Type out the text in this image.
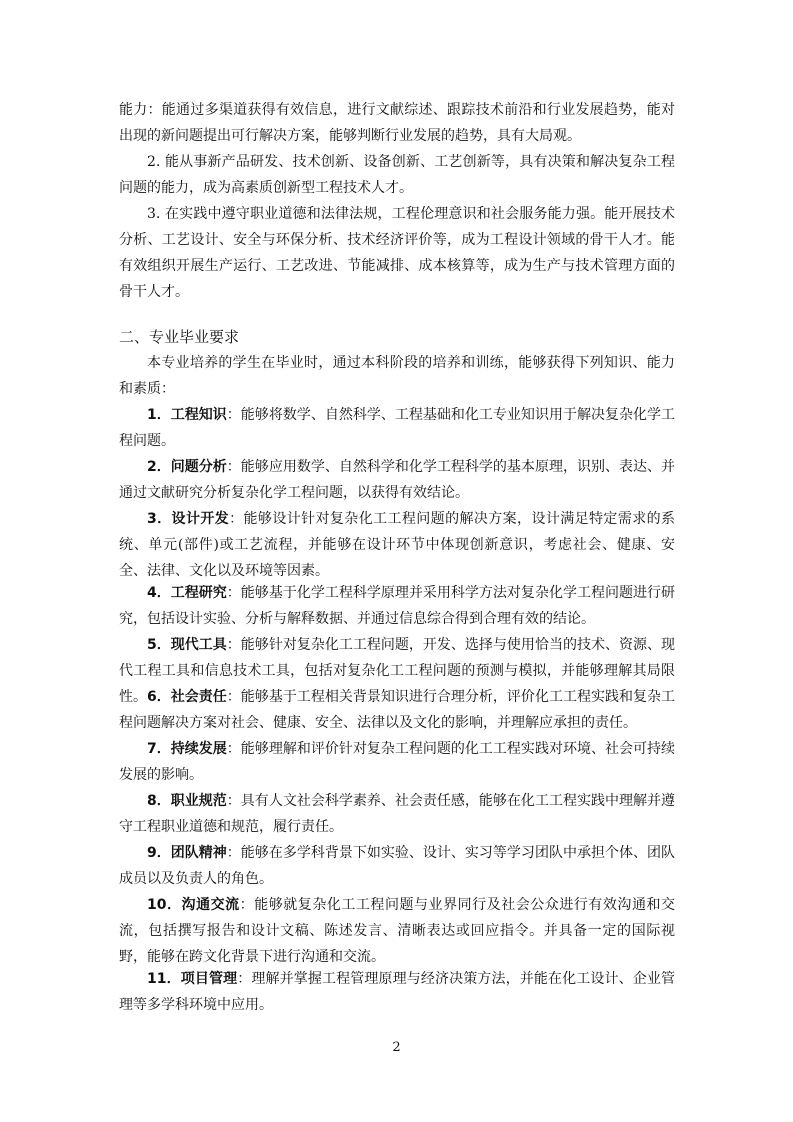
能力：能通过多渠道获得有效信息，进行文献综述、跟踪技术前沿和行业发展趋势，能对出现的新问题提出可行解决方案，能够判断行业发展的趋势，具有大局观。

2. 能从事新产品研发、技术创新、设备创新、工艺创新等，具有决策和解决复杂工程问题的能力，成为高素质创新型工程技术人才。

3. 在实践中遵守职业道德和法律法规，工程伦理意识和社会服务能力强。能开展技术分析、工艺设计、安全与环保分析、技术经济评价等，成为工程设计领域的骨干人才。能有效组织开展生产运行、工艺改进、节能减排、成本核算等，成为生产与技术管理方面的骨干人才。

二、专业毕业要求

本专业培养的学生在毕业时，通过本科阶段的培养和训练，能够获得下列知识、能力和素质：

1．工程知识：能够将数学、自然科学、工程基础和化工专业知识用于解决复杂化学工程问题。

2．问题分析：能够应用数学、自然科学和化学工程科学的基本原理，识别、表达、并通过文献研究分析复杂化学工程问题，以获得有效结论。

3．设计开发：能够设计针对复杂化工工程问题的解决方案，设计满足特定需求的系统、单元(部件)或工艺流程，并能够在设计环节中体现创新意识，考虑社会、健康、安全、法律、文化以及环境等因素。

4．工程研究：能够基于化学工程科学原理并采用科学方法对复杂化学工程问题进行研究，包括设计实验、分析与解释数据、并通过信息综合得到合理有效的结论。

5．现代工具：能够针对复杂化工工程问题，开发、选择与使用恰当的技术、资源、现代工程工具和信息技术工具，包括对复杂化工工程问题的预测与模拟，并能够理解其局限性。 6．社会责任：能够基于工程相关背景知识进行合理分析，评价化工工程实践和复杂工程问题解决方案对社会、健康、安全、法律以及文化的影响，并理解应承担的责任。

7．持续发展：能够理解和评价针对复杂工程问题的化工工程实践对环境、社会可持续发展的影响。

8．职业规范：具有人文社会科学素养、社会责任感，能够在化工工程实践中理解并遵守工程职业道德和规范，履行责任。

9．团队精神：能够在多学科背景下如实验、设计、实习等学习团队中承担个体、团队成员以及负责人的角色。

10．沟通交流：能够就复杂化工工程问题与业界同行及社会公众进行有效沟通和交流，包括撰写报告和设计文稿、陈述发言、清晰表达或回应指令。并具备一定的国际视野，能够在跨文化背景下进行沟通和交流。

11．项目管理：理解并掌握工程管理原理与经济决策方法，并能在化工设计、企业管理等多学科环境中应用。

2
